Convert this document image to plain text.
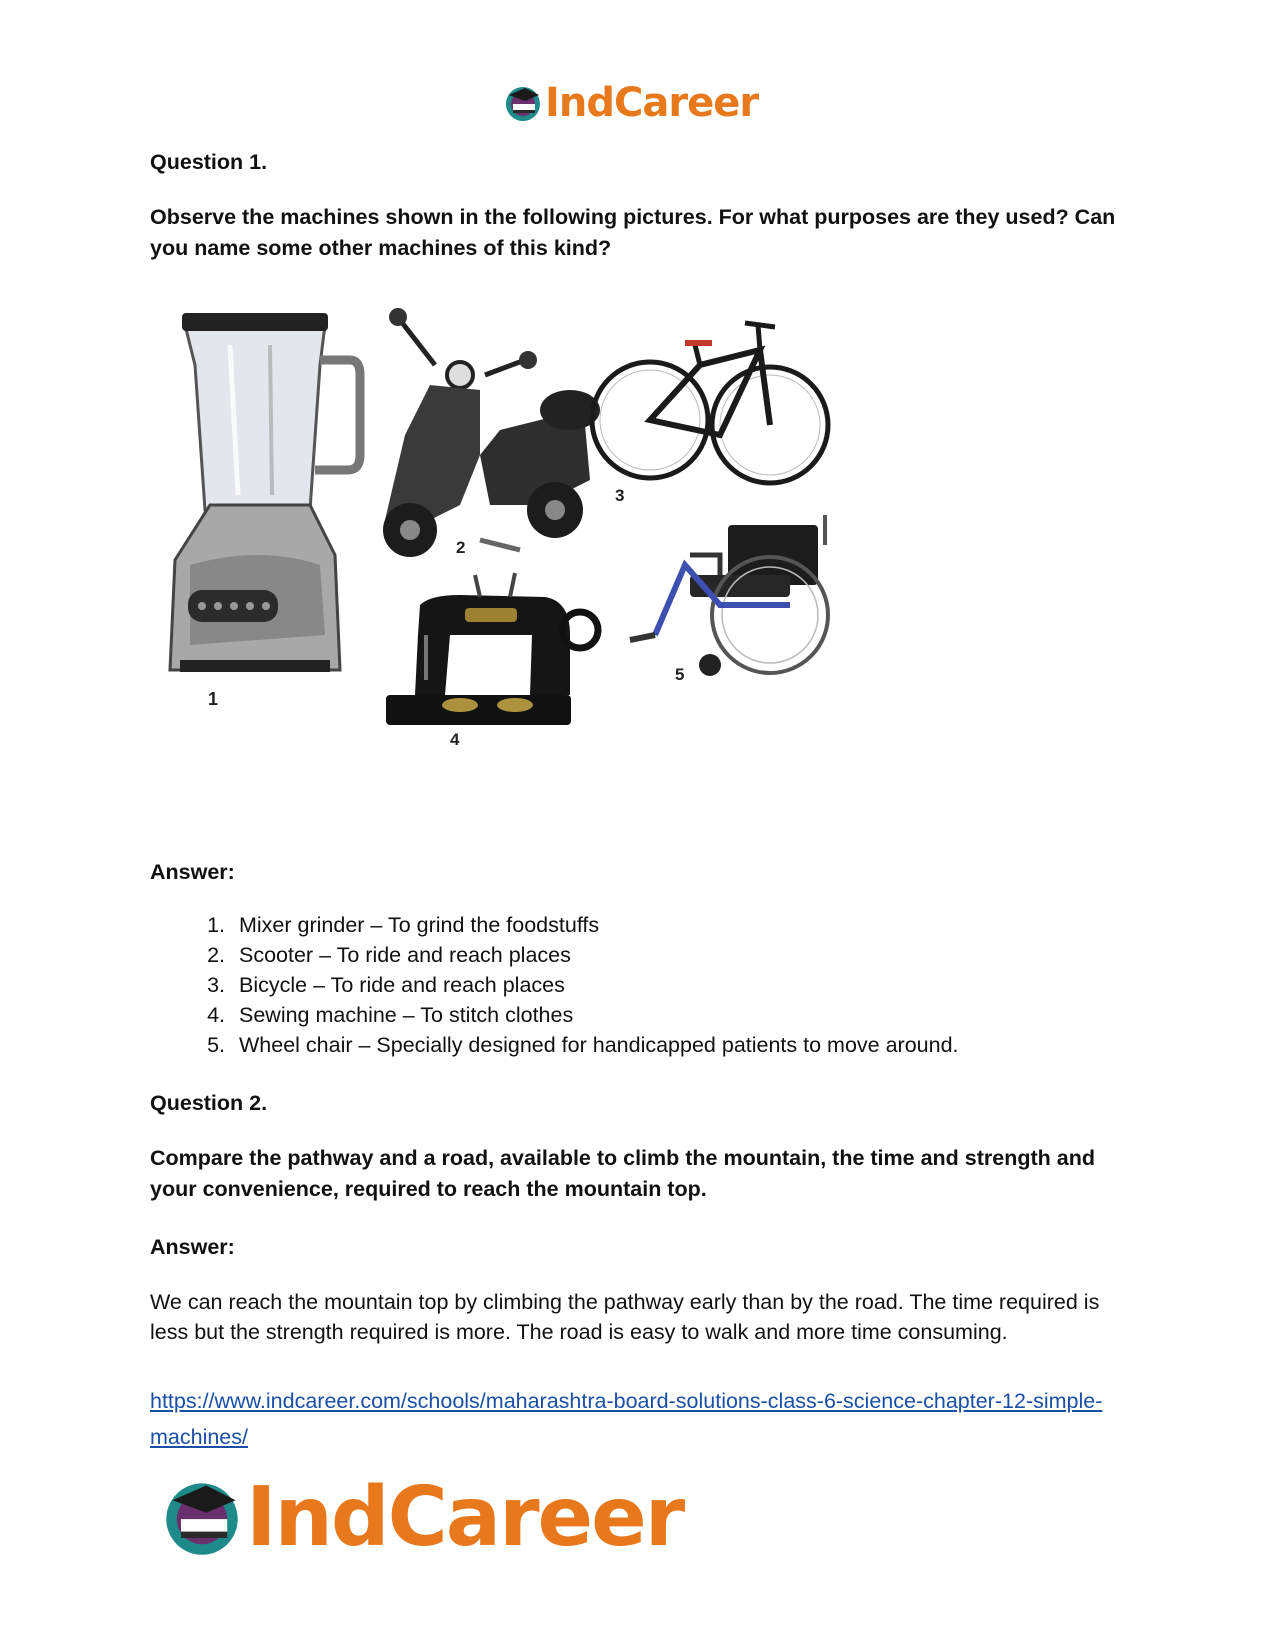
IndCareer
Question 1.
Observe the machines shown in the following pictures. For what purposes are they used? Can you name some other machines of this kind?
1
2
3
4
5
Answer:
1. Mixer grinder – To grind the foodstuffs
2. Scooter – To ride and reach places
3. Bicycle – To ride and reach places
4. Sewing machine – To stitch clothes
5. Wheel chair – Specially designed for handicapped patients to move around.
Question 2.
Compare the pathway and a road, available to climb the mountain, the time and strength and your convenience, required to reach the mountain top.
Answer:
We can reach the mountain top by climbing the pathway early than by the road. The time required is less but the strength required is more. The road is easy to walk and more time consuming.
https://www.indcareer.com/schools/maharashtra-board-solutions-class-6-science-chapter-12-simple-machines/
IndCareer
